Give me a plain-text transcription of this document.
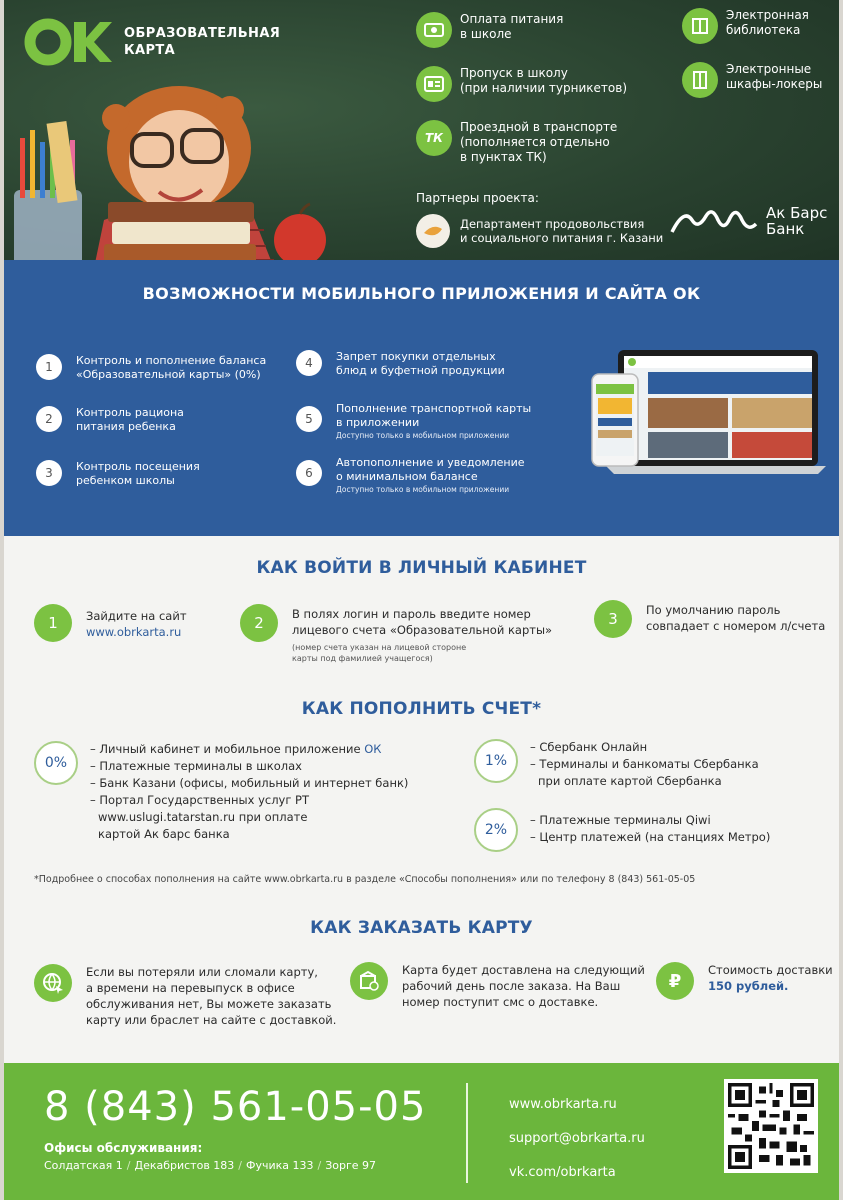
ОБРАЗОВАТЕЛЬНАЯ
КАРТА
Оплата питания
в школе
Электронная
библиотека
Пропуск в школу
(при наличии турникетов)
Электронные
шкафы-локеры
ТК
Проездной в транспорте
(пополняется отдельно
в пунктах ТК)
Партнеры проекта:
Департамент продовольствия
и социального питания г. Казани
Ак Барс
Банк
ВОЗМОЖНОСТИ МОБИЛЬНОГО ПРИЛОЖЕНИЯ И САЙТА ОК
1	Контроль и пополнение баланса
«Образовательной карты» (0%)
2	Контроль рациона
питания ребенка
3	Контроль посещения
ребенком школы
4	Запрет покупки отдельных
блюд и буфетной продукции
5
Пополнение транспортной карты
в приложении
Доступно только в мобильном приложении
6
Автопополнение и уведомление
о минимальном балансе
Доступно только в мобильном приложении
КАК ВОЙТИ В ЛИЧНЫЙ КАБИНЕТ
1	Зайдите на сайт
www.obrkarta.ru	2	В полях логин и пароль введите номер
лицевого счета «Образовательной карты»
(номер счета указан на лицевой стороне
карты под фамилией учащегося)
3	По умолчанию пароль
совпадает с номером л/счета
КАК ПОПОЛНИТЬ СЧЕТ*
0%
– Личный кабинет и мобильное приложение ОК
– Платежные терминалы в школах
– Банк Казани (офисы, мобильный и интернет банк)
– Портал Государственных услуг РТ
www.uslugi.tatarstan.ru при оплате
картой Ак барс банка
1%
– Сбербанк Онлайн
– Терминалы и банкоматы Сбербанка
при оплате картой Сбербанка
2%
– Платежные терминалы Qiwi
– Центр платежей (на станциях Метро)
*Подробнее о способах пополнения на сайте www.obrkarta.ru в разделе «Способы пополнения» или по телефону 8 (843) 561-05-05
КАК ЗАКАЗАТЬ КАРТУ
Если вы потеряли или сломали карту,
а времени на перевыпуск в офисе
обслуживания нет, Вы можете заказать
карту или браслет на сайте с доставкой.
Карта будет доставлена на следующий
рабочий день после заказа. На Ваш
номер поступит смс о доставке.
₽
Стоимость доставки
150 рублей.
8 (843) 561-05-05
Офисы обслуживания:
Солдатская 1 / Декабристов 183 / Фучика 133 / Зорге 97
www.obrkarta.ru
support@obrkarta.ru
vk.com/obrkarta
